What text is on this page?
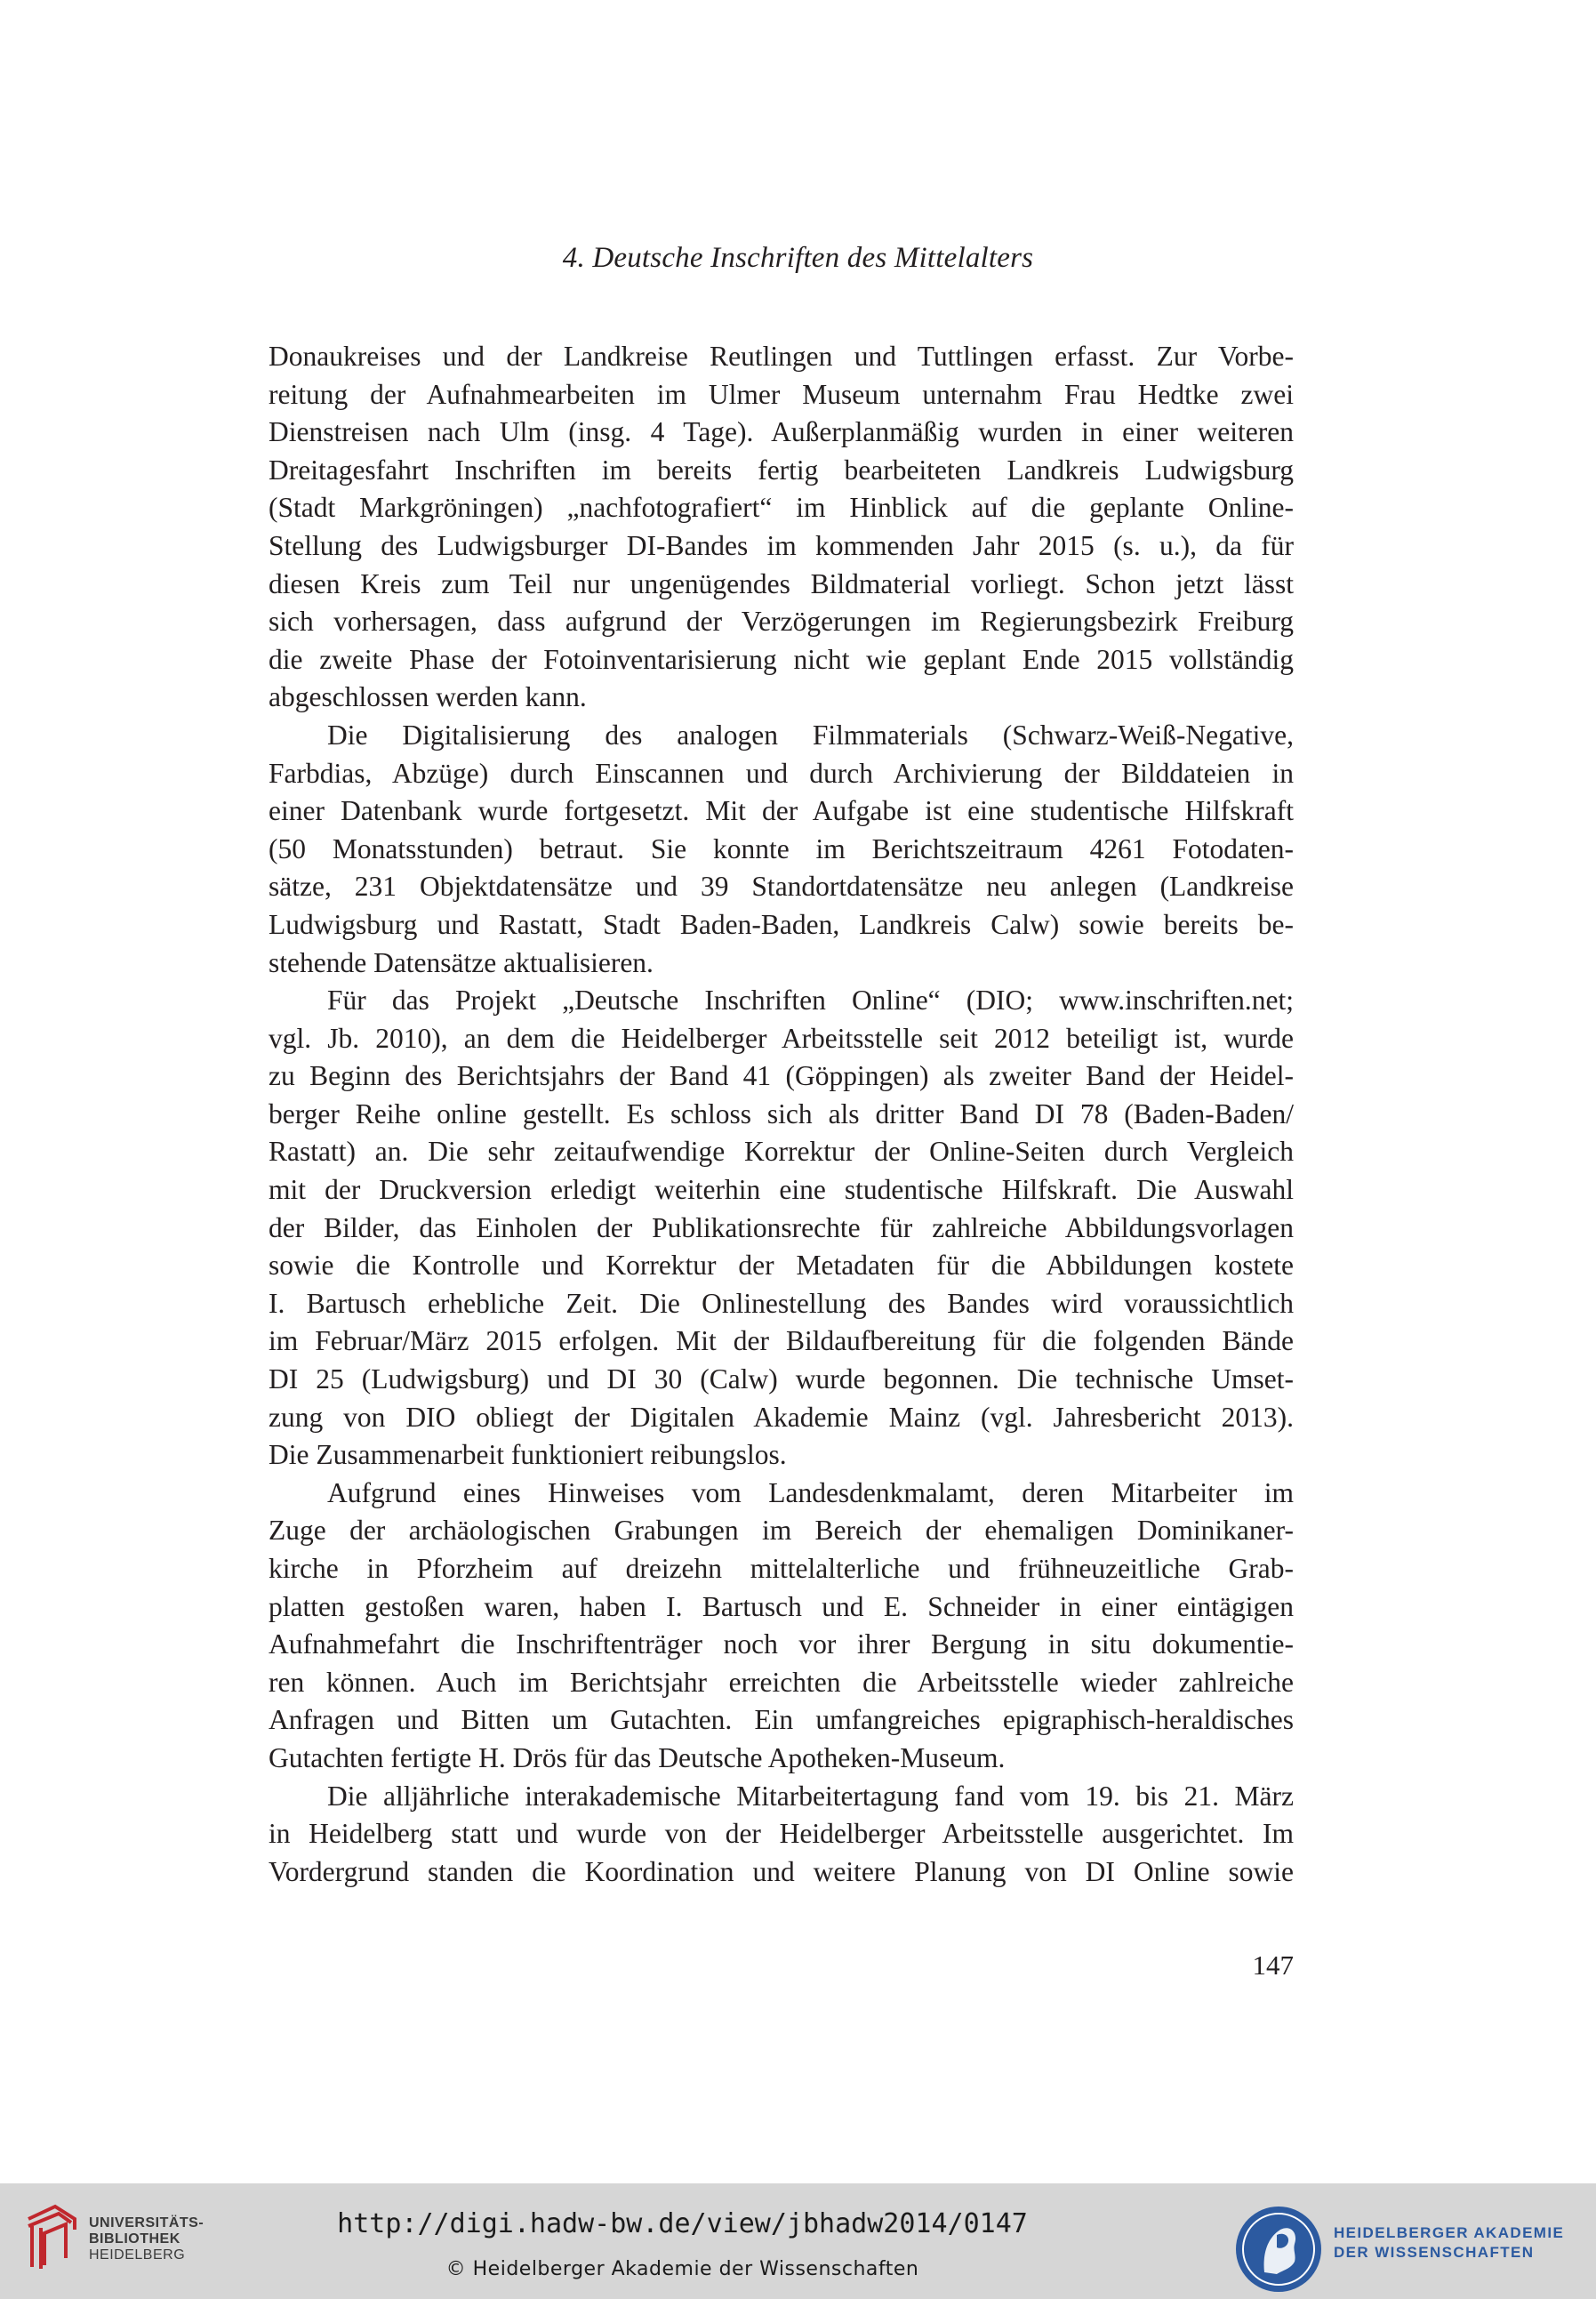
4. Deutsche Inschriften des Mittelalters
Donaukreises und der Landkreise Reutlingen und Tuttlingen erfasst. Zur Vorbe-
reitung der Aufnahmearbeiten im Ulmer Museum unternahm Frau Hedtke zwei
Dienstreisen nach Ulm (insg. 4 Tage). Außerplanmäßig wurden in einer weiteren
Dreitagesfahrt Inschriften im bereits fertig bearbeiteten Landkreis Ludwigsburg
(Stadt Markgröningen) „nachfotografiert“ im Hinblick auf die geplante Online-
Stellung des Ludwigsburger DI-Bandes im kommenden Jahr 2015 (s. u.), da für
diesen Kreis zum Teil nur ungenügendes Bildmaterial vorliegt. Schon jetzt lässt
sich vorhersagen, dass aufgrund der Verzögerungen im Regierungsbezirk Freiburg
die zweite Phase der Fotoinventarisierung nicht wie geplant Ende 2015 vollständig
abgeschlossen werden kann.
Die Digitalisierung des analogen Filmmaterials (Schwarz-Weiß-Negative,
Farbdias, Abzüge) durch Einscannen und durch Archivierung der Bilddateien in
einer Datenbank wurde fortgesetzt. Mit der Aufgabe ist eine studentische Hilfskraft
(50 Monatsstunden) betraut. Sie konnte im Berichtszeitraum 4261 Fotodaten-
sätze, 231 Objektdatensätze und 39 Standortdatensätze neu anlegen (Landkreise
Ludwigsburg und Rastatt, Stadt Baden-Baden, Landkreis Calw) sowie bereits be-
stehende Datensätze aktualisieren.
Für das Projekt „Deutsche Inschriften Online“ (DIO; www.inschriften.net;
vgl. Jb. 2010), an dem die Heidelberger Arbeitsstelle seit 2012 beteiligt ist, wurde
zu Beginn des Berichtsjahrs der Band 41 (Göppingen) als zweiter Band der Heidel-
berger Reihe online gestellt. Es schloss sich als dritter Band DI 78 (Baden-Baden/
Rastatt) an. Die sehr zeitaufwendige Korrektur der Online-Seiten durch Vergleich
mit der Druckversion erledigt weiterhin eine studentische Hilfskraft. Die Auswahl
der Bilder, das Einholen der Publikationsrechte für zahlreiche Abbildungsvorlagen
sowie die Kontrolle und Korrektur der Metadaten für die Abbildungen kostete
I. Bartusch erhebliche Zeit. Die Onlinestellung des Bandes wird voraussichtlich
im Februar/März 2015 erfolgen. Mit der Bildaufbereitung für die folgenden Bände
DI 25 (Ludwigsburg) und DI 30 (Calw) wurde begonnen. Die technische Umset-
zung von DIO obliegt der Digitalen Akademie Mainz (vgl. Jahresbericht 2013).
Die Zusammenarbeit funktioniert reibungslos.
Aufgrund eines Hinweises vom Landesdenkmalamt, deren Mitarbeiter im
Zuge der archäologischen Grabungen im Bereich der ehemaligen Dominikaner-
kirche in Pforzheim auf dreizehn mittelalterliche und frühneuzeitliche Grab-
platten gestoßen waren, haben I. Bartusch und E. Schneider in einer eintägigen
Aufnahmefahrt die Inschriftenträger noch vor ihrer Bergung in situ dokumentie-
ren können. Auch im Berichtsjahr erreichten die Arbeitsstelle wieder zahlreiche
Anfragen und Bitten um Gutachten. Ein umfangreiches epigraphisch-heraldisches
Gutachten fertigte H. Drös für das Deutsche Apotheken-Museum.
Die alljährliche interakademische Mitarbeitertagung fand vom 19. bis 21. März
in Heidelberg statt und wurde von der Heidelberger Arbeitsstelle ausgerichtet. Im
Vordergrund standen die Koordination und weitere Planung von DI Online sowie
147
UNIVERSITÄTS-
BIBLIOTHEK
HEIDELBERG
http://digi.hadw-bw.de/view/jbhadw2014/0147
© Heidelberger Akademie der Wissenschaften
HEIDELBERGER AKADEMIE
DER WISSENSCHAFTEN
